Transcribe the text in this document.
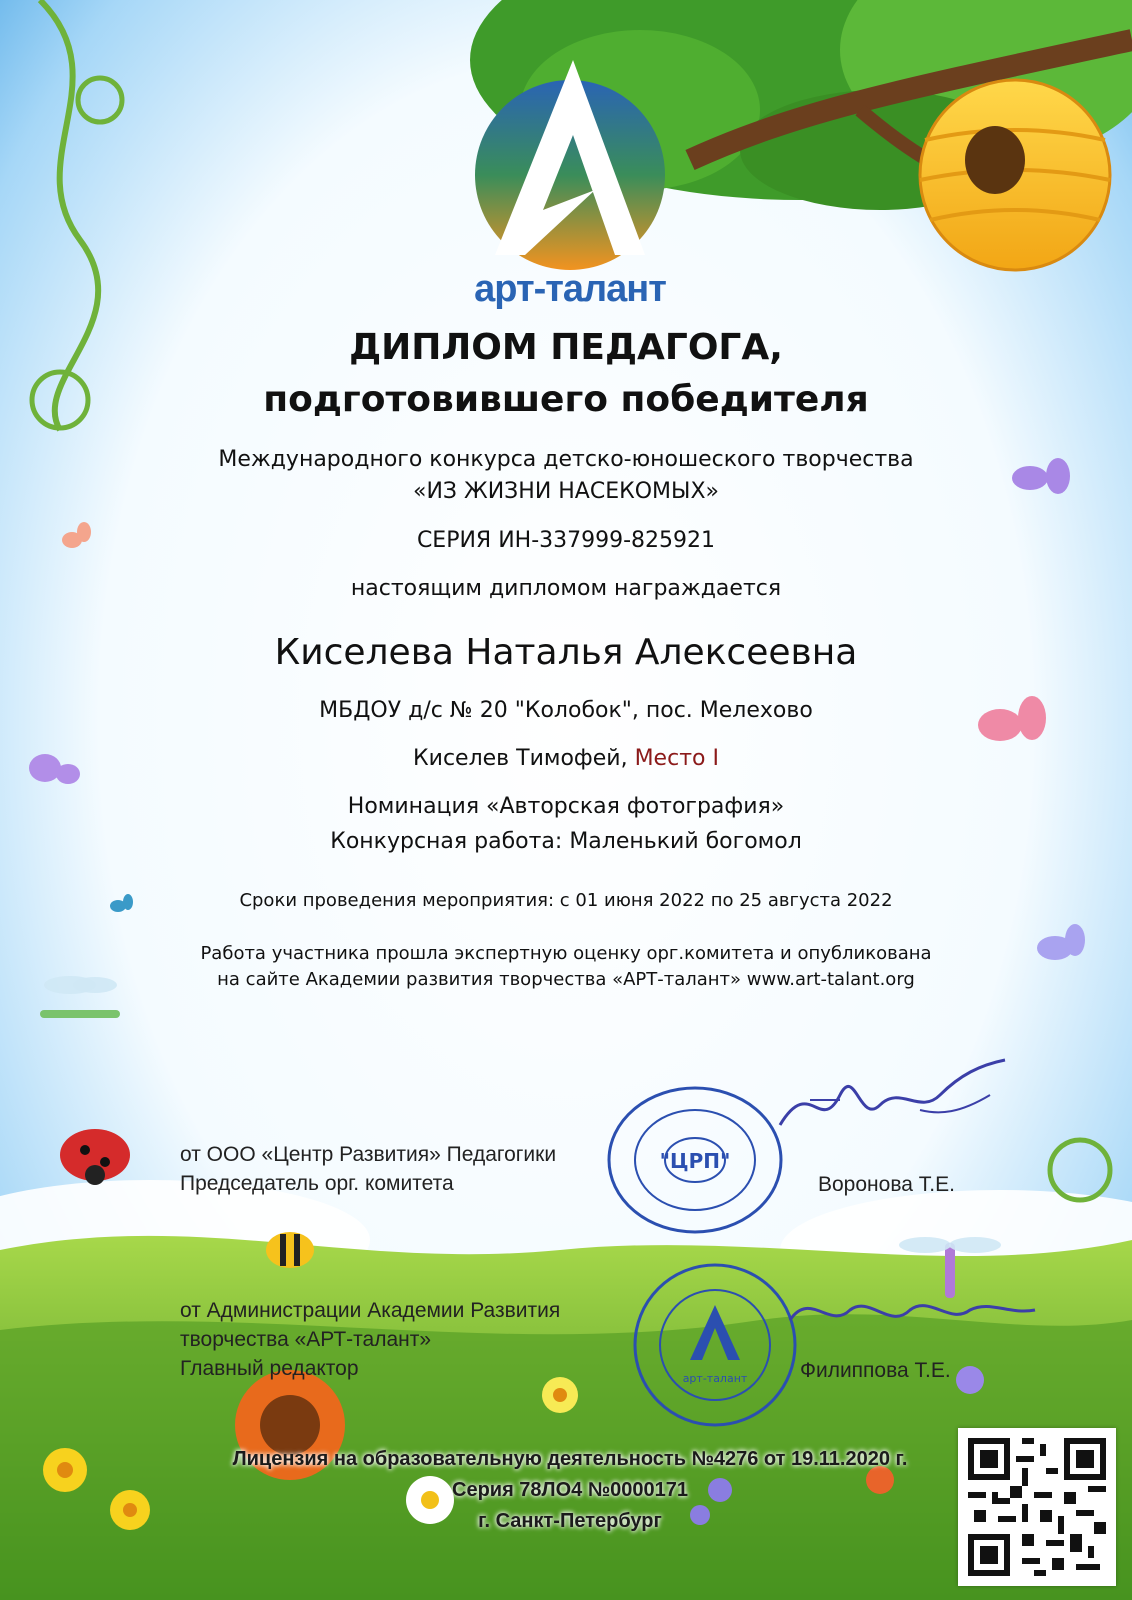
арт-талант
ДИПЛОМ ПЕДАГОГА,
подготовившего победителя
Международного конкурса детско-юношеского творчества
«ИЗ ЖИЗНИ НАСЕКОМЫХ»
СЕРИЯ ИН-337999-825921
настоящим дипломом награждается
Киселева Наталья Алексеевна
МБДОУ д/с № 20 "Колобок", пос. Мелехово
Киселев Тимофей, Место I
Номинация «Авторская фотография»
Конкурсная работа: Маленький богомол
Сроки проведения мероприятия: с 01 июня 2022 по 25 августа 2022
Работа участника прошла экспертную оценку орг.комитета и опубликована
на сайте Академии развития творчества «АРТ-талант» www.art-talant.org
от ООО «Центр Развития» Педагогики
Председатель орг. комитета
"ЦРП"
Воронова Т.Е.
от Администрации Академии Развития
творчества «АРТ-талант»
Главный редактор	арт-талант	Филиппова Т.Е.
Лицензия на образовательную деятельность №4276 от 19.11.2020 г.
Серия 78ЛО4 №0000171
г. Санкт-Петербург
